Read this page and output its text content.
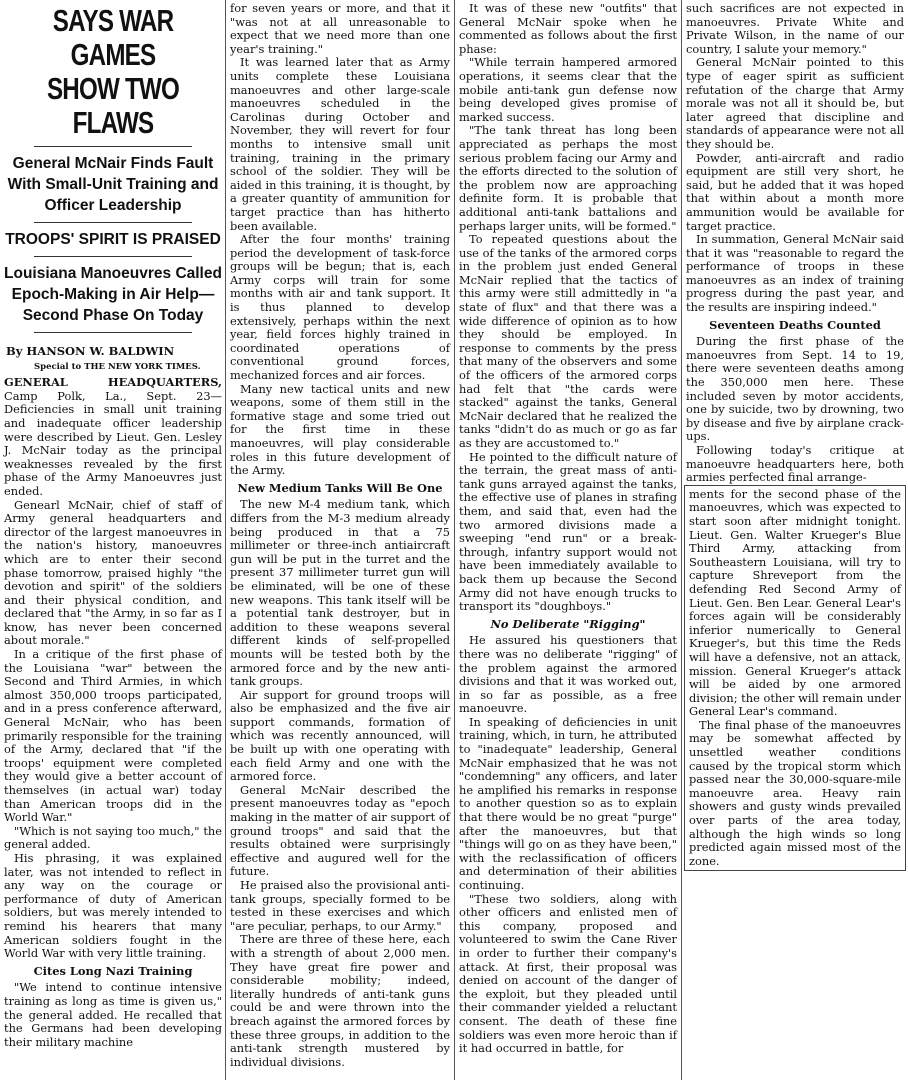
SAYS WAR GAMES
SHOW TWO FLAWS
General McNair Finds Fault With Small-Unit Training and Officer Leadership
TROOPS' SPIRIT IS PRAISED
Louisiana Manoeuvres Called Epoch-Making in Air Help— Second Phase On Today
By HANSON W. BALDWIN
Special to THE NEW YORK TIMES.

GENERAL HEADQUARTERS, Camp Polk, La., Sept. 23—Deficiencies in small unit training and inadequate officer leadership were described by Lieut. Gen. Lesley J. McNair today as the principal weaknesses revealed by the first phase of the Army Manoeuvres just ended.

Genearl McNair, chief of staff of Army general headquarters and director of the largest manoeuvres in the nation's history, manoeuvres which are to enter their second phase tomorrow, praised highly "the devotion and spirit" of the soldiers and their physical condition, and declared that "the Army, in so far as I know, has never been concerned about morale."

In a critique of the first phase of the Louisiana "war" between the Second and Third Armies, in which almost 350,000 troops participated, and in a press conference afterward, General McNair, who has been primarily responsible for the training of the Army, declared that "if the troops' equipment were completed they would give a better account of themselves (in actual war) today than American troops did in the World War."

"Which is not saying too much," the general added.

His phrasing, it was explained later, was not intended to reflect in any way on the courage or performance of duty of American soldiers, but was merely intended to remind his hearers that many American soldiers fought in the World War with very little training.

Cites Long Nazi Training

"We intend to continue intensive training as long as time is given us," the general added. He recalled that the Germans had been developing their military machine

for seven years or more, and that it "was not at all unreasonable to expect that we need more than one year's training."

It was learned later that as Army units complete these Louisiana manoeuvres and other large-scale manoeuvres scheduled in the Carolinas during October and November, they will revert for four months to intensive small unit training, training in the primary school of the soldier. They will be aided in this training, it is thought, by a greater quantity of ammunition for target practice than has hitherto been available.

After the four months' training period the development of task-force groups will be begun; that is, each Army corps will train for some months with air and tank support. It is thus planned to develop extensively, perhaps within the next year, field forces highly trained in coordinated operations of conventional ground forces, mechanized forces and air forces.

Many new tactical units and new weapons, some of them still in the formative stage and some tried out for the first time in these manoeuvres, will play considerable roles in this future development of the Army.

New Medium Tanks Will Be One

The new M-4 medium tank, which differs from the M-3 medium already being produced in that a 75 millimeter or three-inch antiaircraft gun will be put in the turret and the present 37 millimeter turret gun will be eliminated, will be one of these new weapons. This tank itself will be a potential tank destroyer, but in addition to these weapons several different kinds of self-propelled mounts will be tested both by the armored force and by the new anti-tank groups.

Air support for ground troops will also be emphasized and the five air support commands, formation of which was recently announced, will be built up with one operating with each field Army and one with the armored force.

General McNair described the present manoeuvres today as "epoch making in the matter of air support of ground troops" and said that the results obtained were surprisingly effective and augured well for the future.

He praised also the provisional anti-tank groups, specially formed to be tested in these exercises and which "are peculiar, perhaps, to our Army."

There are three of these here, each with a strength of about 2,000 men. They have great fire power and considerable mobility; indeed, literally hundreds of anti-tank guns could be and were thrown into the breach against the armored forces by these three groups, in addition to the anti-tank strength mustered by individual divisions.

It was of these new "outfits" that General McNair spoke when he commented as follows about the first phase:

"While terrain hampered armored operations, it seems clear that the mobile anti-tank gun defense now being developed gives promise of marked success.

"The tank threat has long been appreciated as perhaps the most serious problem facing our Army and the efforts directed to the solution of the problem now are approaching definite form. It is probable that additional anti-tank battalions and perhaps larger units, will be formed."

To repeated questions about the use of the tanks of the armored corps in the problem just ended General McNair replied that the tactics of this army were still admittedly in "a state of flux" and that there was a wide difference of opinion as to how they should be employed. In response to comments by the press that many of the observers and some of the officers of the armored corps had felt that "the cards were stacked" against the tanks, General McNair declared that he realized the tanks "didn't do as much or go as far as they are accustomed to."

He pointed to the difficult nature of the terrain, the great mass of anti-tank guns arrayed against the tanks, the effective use of planes in strafing them, and said that, even had the two armored divisions made a sweeping "end run" or a break-through, infantry support would not have been immediately available to back them up because the Second Army did not have enough trucks to transport its "doughboys."

No Deliberate "Rigging"

He assured his questioners that there was no deliberate "rigging" of the problem against the armored divisions and that it was worked out, in so far as possible, as a free manoeuvre.

In speaking of deficiencies in unit training, which, in turn, he attributed to "inadequate" leadership, General McNair emphasized that he was not "condemning" any officers, and later he amplified his remarks in response to another question so as to explain that there would be no great "purge" after the manoeuvres, but that "things will go on as they have been," with the reclassification of officers and determination of their abilities continuing.

"These two soldiers, along with other officers and enlisted men of this company, proposed and volunteered to swim the Cane River in order to further their company's attack. At first, their proposal was denied on account of the danger of the exploit, but they pleaded until their commander yielded a reluctant consent. The death of these fine soldiers was even more heroic than if it had occurred in battle, for

such sacrifices are not expected in manoeuvres. Private White and Private Wilson, in the name of our country, I salute your memory."

General McNair pointed to this type of eager spirit as sufficient refutation of the charge that Army morale was not all it should be, but later agreed that discipline and standards of appearance were not all they should be.

Powder, anti-aircraft and radio equipment are still very short, he said, but he added that it was hoped that within about a month more ammunition would be available for target practice.

In summation, General McNair said that it was "reasonable to regard the performance of troops in these manoeuvres as an index of training progress during the past year, and the results are inspiring indeed."

Seventeen Deaths Counted

During the first phase of the manoeuvres from Sept. 14 to 19, there were seventeen deaths among the 350,000 men here. These included seven by motor accidents, one by suicide, two by drowning, two by disease and five by airplane crack-ups.

Following today's critique at manoeuvre headquarters here, both armies perfected final arrange-

ments for the second phase of the manoeuvres, which was expected to start soon after midnight tonight. Lieut. Gen. Walter Krueger's Blue Third Army, attacking from Southeastern Louisiana, will try to capture Shreveport from the defending Red Second Army of Lieut. Gen. Ben Lear. General Lear's forces again will be considerably inferior numerically to General Krueger's, but this time the Reds will have a defensive, not an attack, mission. General Krueger's attack will be aided by one armored division; the other will remain under General Lear's command.

The final phase of the manoeuvres may be somewhat affected by unsettled weather conditions caused by the tropical storm which passed near the 30,000-square-mile manoeuvre area. Heavy rain showers and gusty winds prevailed over parts of the area today, although the high winds so long predicted again missed most of the zone.
